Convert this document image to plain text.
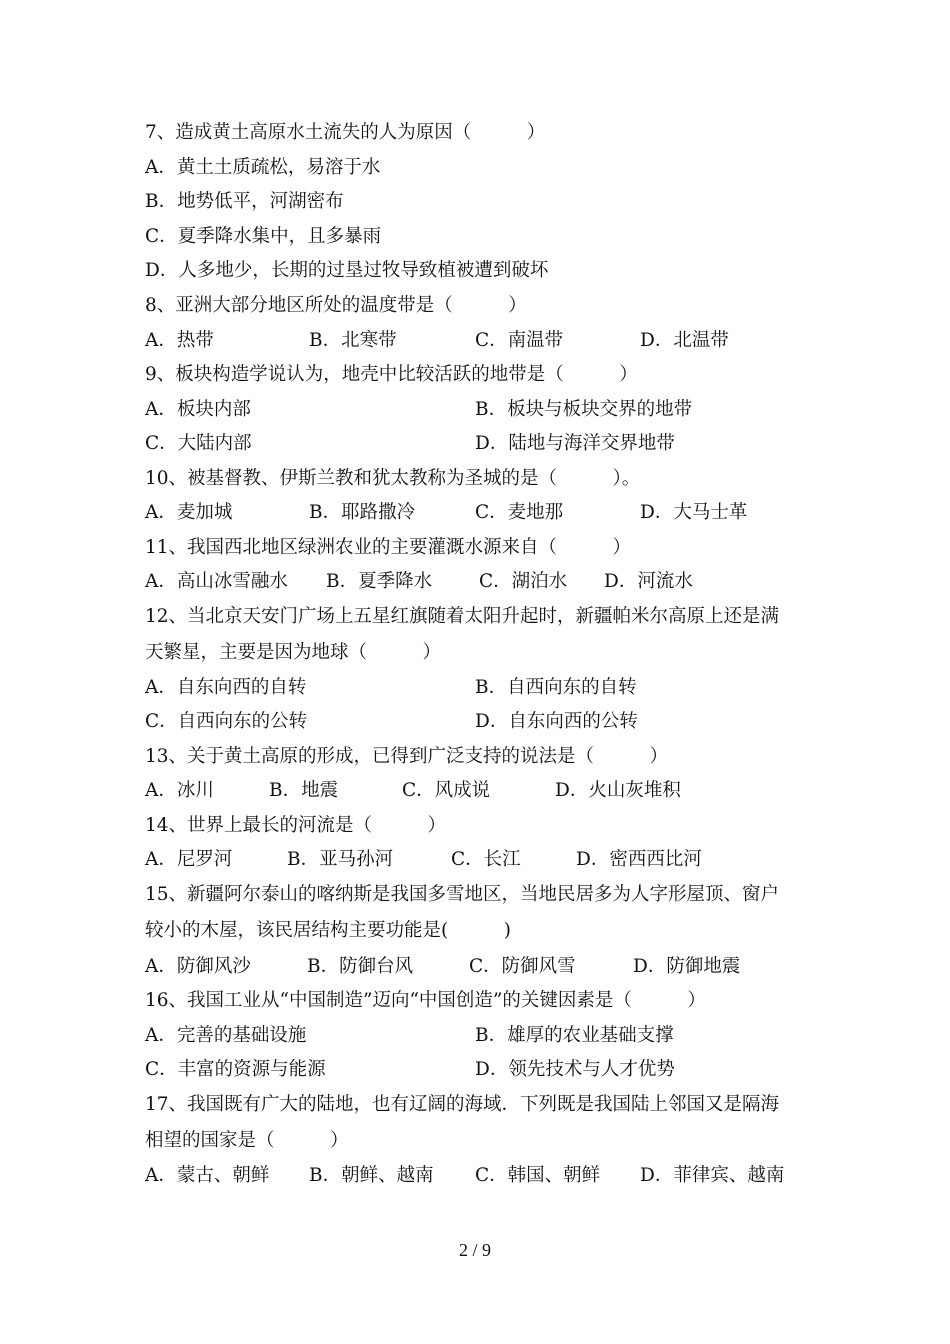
7、造成黄土高原水土流失的人为原因（　　　）
A．黄土土质疏松，易溶于水
B．地势低平，河湖密布
C．夏季降水集中，且多暴雨
D．人多地少，长期的过垦过牧导致植被遭到破坏
8、亚洲大部分地区所处的温度带是（　　　）
A．热带	B．北寒带	C．南温带	D．北温带
9、板块构造学说认为，地壳中比较活跃的地带是（　　　）
A．板块内部	B．板块与板块交界的地带
C．大陆内部	D．陆地与海洋交界地带
10、被基督教、伊斯兰教和犹太教称为圣城的是（　　　）。
A．麦加城	B．耶路撒冷	C．麦地那	D．大马士革
11、我国西北地区绿洲农业的主要灌溉水源来自（　　　）
A．高山冰雪融水 B．夏季降水	C．湖泊水 D．河流水
12、当北京天安门广场上五星红旗随着太阳升起时，新疆帕米尔高原上还是满
天繁星，主要是因为地球（　　　）
A．自东向西的自转	B．自西向东的自转
C．自西向东的公转	D．自东向西的公转
13、关于黄土高原的形成，已得到广泛支持的说法是（　　　）
A．冰川	B．地震	C．风成说	D．火山灰堆积
14、世界上最长的河流是（　　　）
A．尼罗河	B．亚马孙河	C．长江	D．密西西比河
15、新疆阿尔泰山的喀纳斯是我国多雪地区，当地民居多为人字形屋顶、窗户
较小的木屋，该民居结构主要功能是(　　　)
A．防御风沙	B．防御台风	C．防御风雪	D．防御地震
16、我国工业从“中国制造”迈向“中国创造”的关键因素是（　　　）
A．完善的基础设施	B．雄厚的农业基础支撑
C．丰富的资源与能源	D．领先技术与人才优势
17、我国既有广大的陆地，也有辽阔的海域．下列既是我国陆上邻国又是隔海
相望的国家是（　　　）
A．蒙古、朝鲜 B．朝鲜、越南 C．韩国、朝鲜 D．菲律宾、越南
2 / 9
